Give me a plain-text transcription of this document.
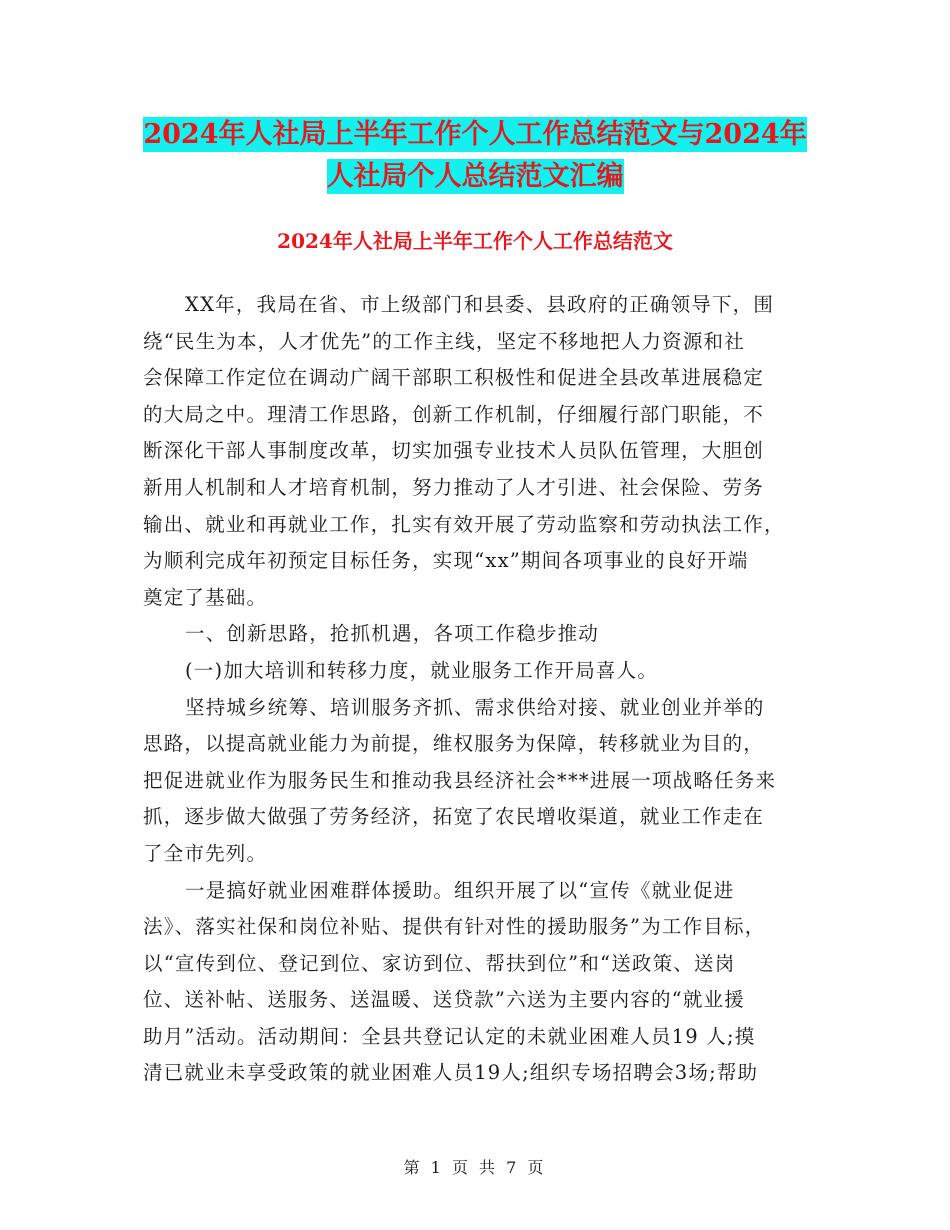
2024年人社局上半年工作个人工作总结范文与2024年
人社局个人总结范文汇编
2024年人社局上半年工作个人工作总结范文
XX年，我局在省、市上级部门和县委、县政府的正确领导下，围
绕“民生为本，人才优先”的工作主线，坚定不移地把人力资源和社
会保障工作定位在调动广阔干部职工积极性和促进全县改革进展稳定
的大局之中。理清工作思路，创新工作机制，仔细履行部门职能，不
断深化干部人事制度改革，切实加强专业技术人员队伍管理，大胆创
新用人机制和人才培育机制，努力推动了人才引进、社会保险、劳务
输出、就业和再就业工作，扎实有效开展了劳动监察和劳动执法工作，
为顺利完成年初预定目标任务，实现“xx”期间各项事业的良好开端
奠定了基础。
一、创新思路，抢抓机遇，各项工作稳步推动
(一)加大培训和转移力度，就业服务工作开局喜人。
坚持城乡统筹、培训服务齐抓、需求供给对接、就业创业并举的
思路，以提高就业能力为前提，维权服务为保障，转移就业为目的，
把促进就业作为服务民生和推动我县经济社会***进展一项战略任务来
抓，逐步做大做强了劳务经济，拓宽了农民增收渠道，就业工作走在
了全市先列。
一是搞好就业困难群体援助。组织开展了以“宣传《就业促进
法》、落实社保和岗位补贴、提供有针对性的援助服务”为工作目标，
以“宣传到位、登记到位、家访到位、帮扶到位”和“送政策、送岗
位、送补帖、送服务、送温暖、送贷款”六送为主要内容的“就业援
助月”活动。活动期间：全县共登记认定的未就业困难人员19 人;摸
清已就业未享受政策的就业困难人员19人;组织专场招聘会3场;帮助
第 1 页 共 7 页
